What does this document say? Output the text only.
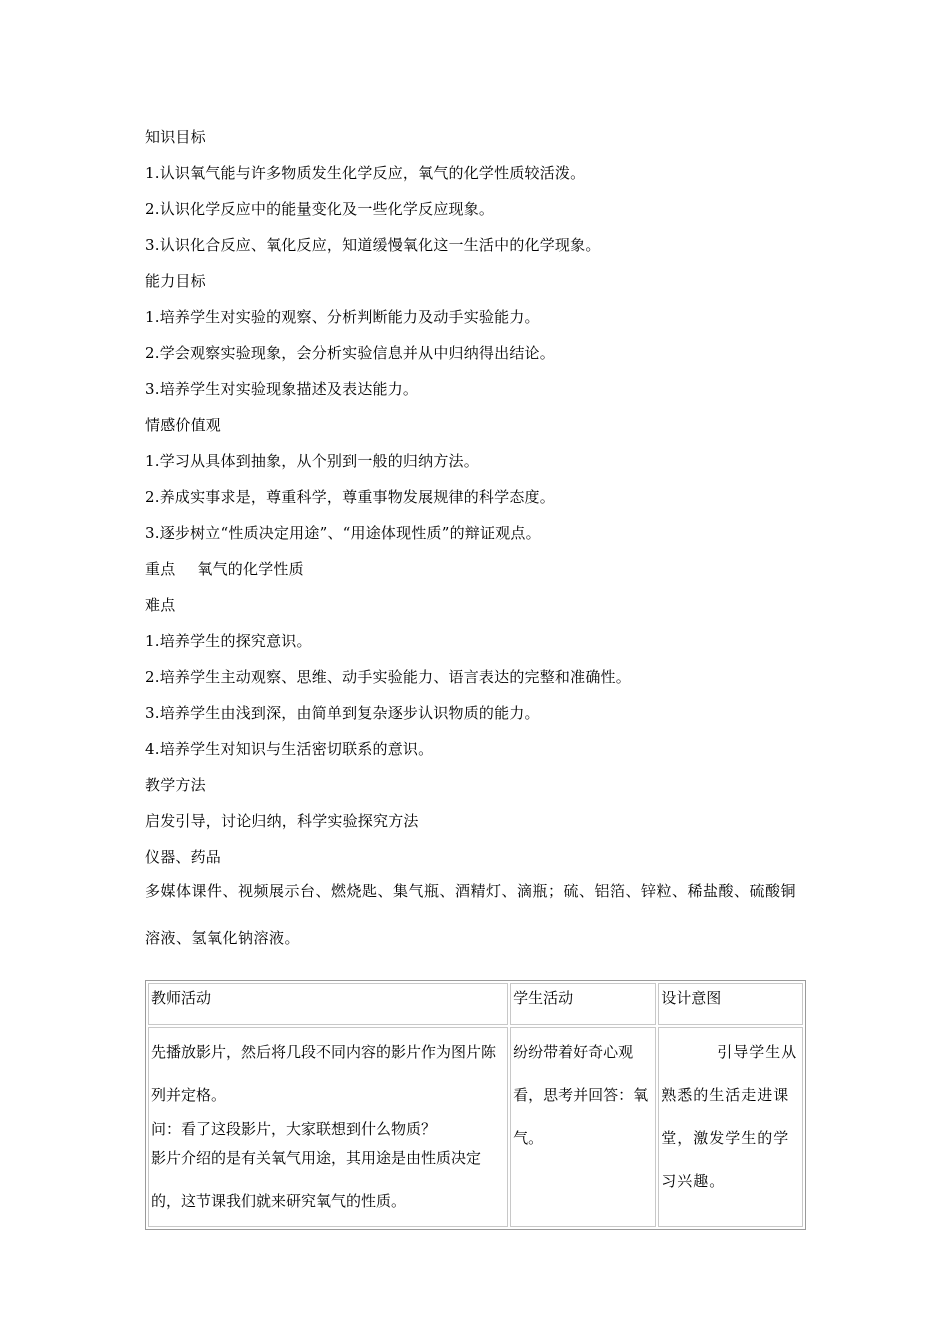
知识目标
1.认识氧气能与许多物质发生化学反应，氧气的化学性质较活泼。
2.认识化学反应中的能量变化及一些化学反应现象。
3.认识化合反应、氧化反应，知道缓慢氧化这一生活中的化学现象。
能力目标
1.培养学生对实验的观察、分析判断能力及动手实验能力。
2.学会观察实验现象，会分析实验信息并从中归纳得出结论。
3.培养学生对实验现象描述及表达能力。
情感价值观
1.学习从具体到抽象，从个别到一般的归纳方法。
2.养成实事求是，尊重科学，尊重事物发展规律的科学态度。
3.逐步树立“性质决定用途”、“用途体现性质”的辩证观点。
重点 氧气的化学性质
难点
1.培养学生的探究意识。
2.培养学生主动观察、思维、动手实验能力、语言表达的完整和准确性。
3.培养学生由浅到深，由简单到复杂逐步认识物质的能力。
4.培养学生对知识与生活密切联系的意识。
教学方法
启发引导，讨论归纳，科学实验探究方法
仪器、药品
多媒体课件、视频展示台、燃烧匙、集气瓶、酒精灯、滴瓶；硫、铝箔、锌粒、稀盐酸、硫酸铜溶液、氢氧化钠溶液。
教师活动	学生活动	设计意图

先播放影片，然后将几段不同内容的影片作为图片陈列并定格。
问：看了这段影片，大家联想到什么物质？
影片介绍的是有关氧气用途，其用途是由性质决定的，这节课我们就来研究氧气的性质。	纷纷带着好奇心观看，思考并回答：氧气。	引导学生从熟悉的生活走进课堂，激发学生的学习兴趣。
